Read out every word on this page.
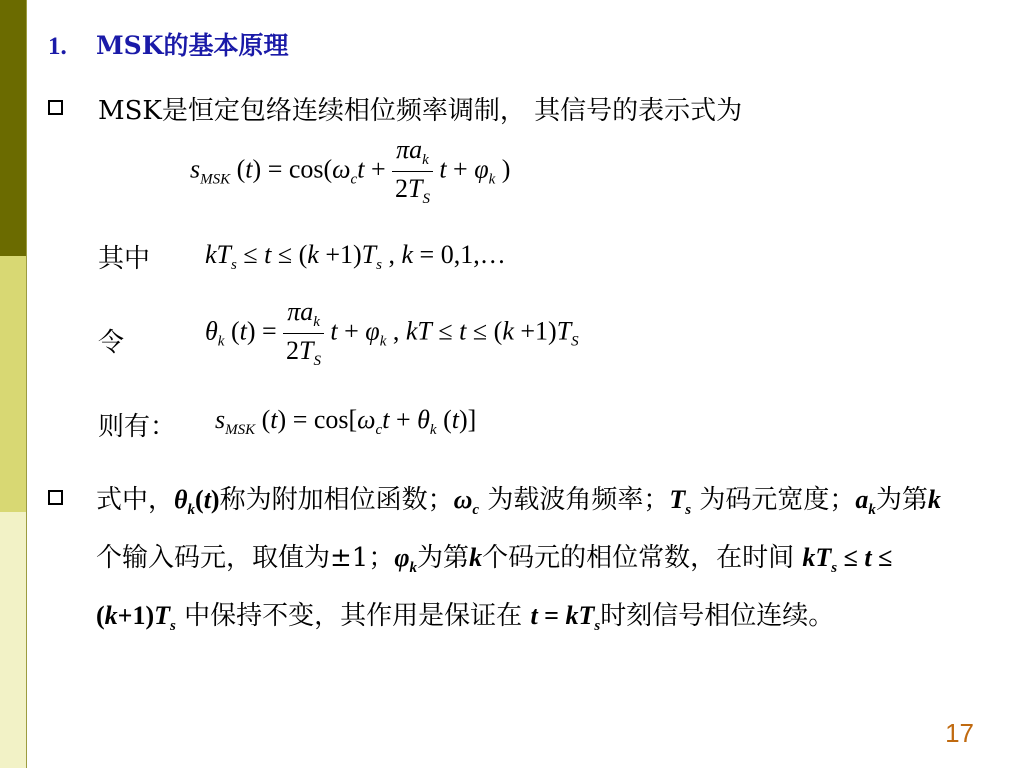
1. MSK的基本原理
MSK是恒定包络连续相位频率调制， 其信号的表示式为
$s_{MSK}$ $(t) = \cos(\omega_ct + \frac{\pi a_k}{2T_S}$ $t + \varphi_k$ )
其中 $kT_s \le t \le (k +1)T_s$ , k = 0,1,…
令	$\theta_k$ $(t) = \frac{\pi a_k}{2T_S}$ $t + \varphi_k$ , kT ≤ $t \le (k +1)T_S$
则有： $s_{MSK}$ $(t) = \cos[\omega_ct + \theta_k$ (t)]
式中，$\theta_k(t)$称为附加相位函数；$\omega_c$ 为载波角频率；$T_s$ 为码元宽度；$a_k$为第k个输入码元，取值为±1；$\varphi_k$为第k个码元的相位常数，在时间 $kT_s \le t \le (k+1)T_s$ 中保持不变，其作用是保证在 $t = kT_s$时刻信号相位连续。
17
